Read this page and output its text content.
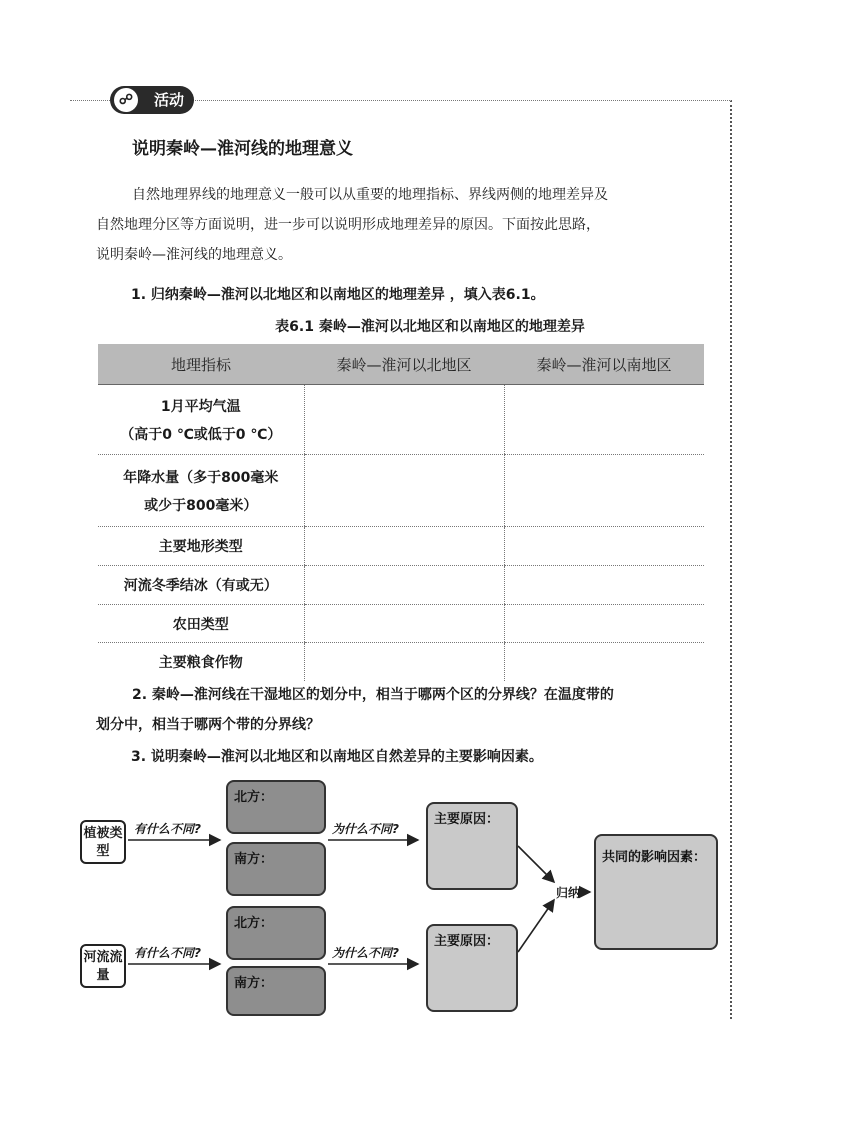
☍	活动
说明秦岭—淮河线的地理意义
自然地理界线的地理意义一般可以从重要的地理指标、界线两侧的地理差异及
自然地理分区等方面说明，进一步可以说明形成地理差异的原因。下面按此思路，
说明秦岭—淮河线的地理意义。
1. 归纳秦岭—淮河以北地区和以南地区的地理差异 ，填入表6.1。
表6.1 秦岭—淮河以北地区和以南地区的地理差异
地理指标	秦岭—淮河以北地区	秦岭—淮河以南地区

1月平均气温
（高于0 ℃或低于0 ℃）		

年降水量（多于800毫米
或少于800毫米）		

主要地形类型		
河流冬季结冰（有或无）		
农田类型		
主要粮食作物		
2. 秦岭—淮河线在干湿地区的划分中，相当于哪两个区的分界线？在温度带的
划分中，相当于哪两个带的分界线？
3. 说明秦岭—淮河以北地区和以南地区自然差异的主要影响因素。
植被类型
河流流量
有什么不同?
有什么不同?
为什么不同?
为什么不同?
北方：
南方：
北方：
南方：
主要原因：
主要原因：
归纳
共同的影响因素：
